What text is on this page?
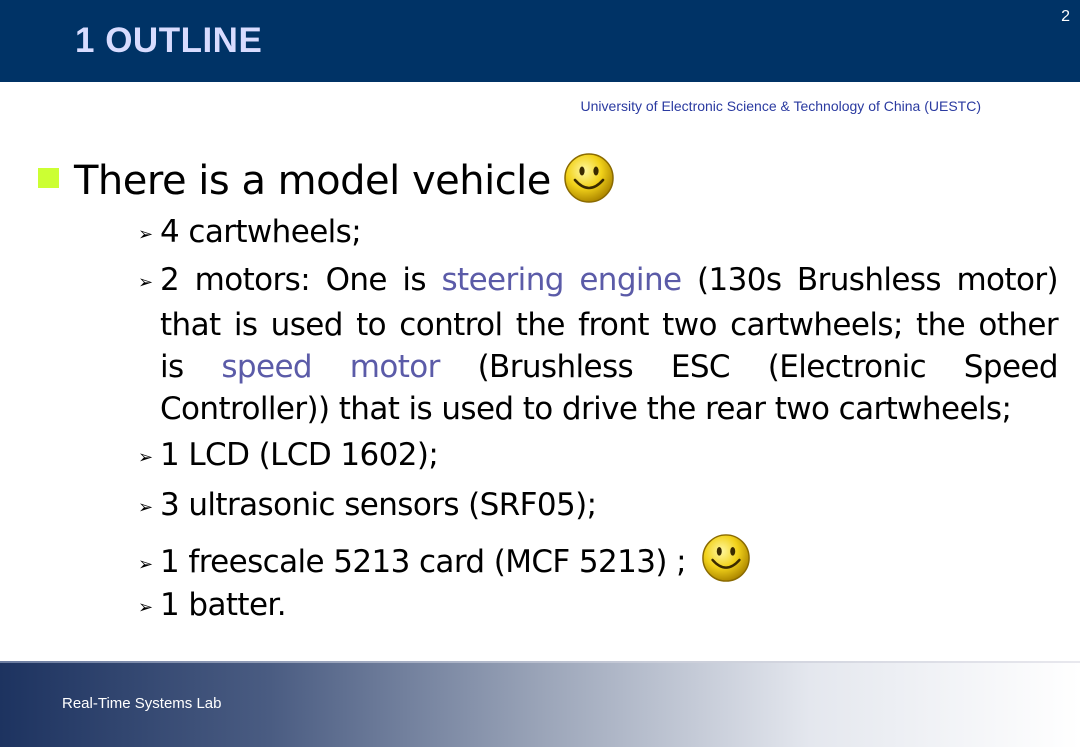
1 OUTLINE
2
University of Electronic Science & Technology of China (UESTC)
There is a model vehicle
➢ 4 cartwheels;
➢ 2 motors: One is steering engine (130s Brushless motor)
that is used to control the front two cartwheels; the other
is speed motor (Brushless ESC (Electronic Speed
Controller)) that is used to drive the rear two cartwheels;
➢ 1 LCD (LCD 1602);
➢ 3 ultrasonic sensors (SRF05);
➢ 1 freescale 5213 card (MCF 5213) ;
➢ 1 batter.
Real-Time Systems Lab
